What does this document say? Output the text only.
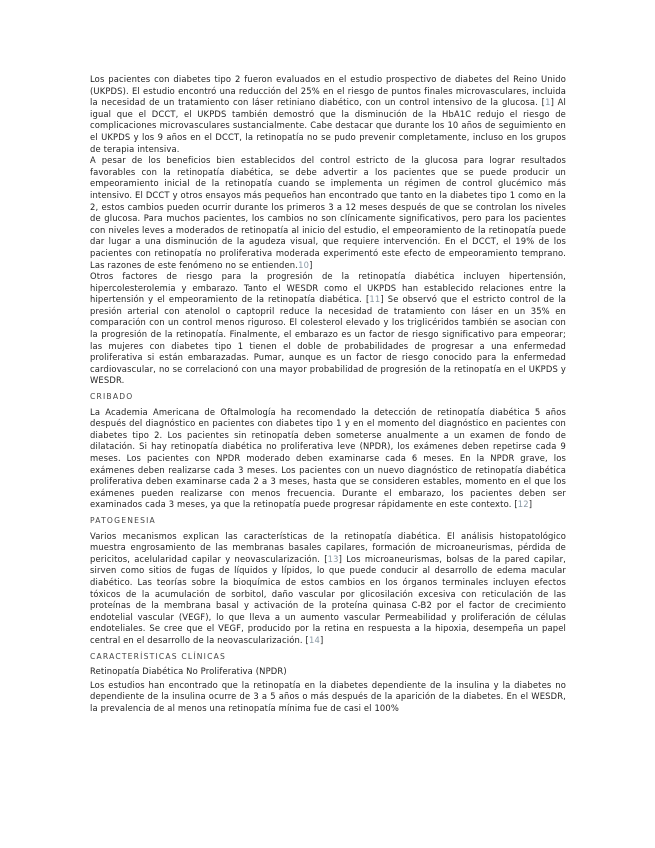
Los pacientes con diabetes tipo 2 fueron evaluados en el estudio prospectivo de diabetes del Reino Unido (UKPDS). El estudio encontró una reducción del 25% en el riesgo de puntos finales microvasculares, incluida la necesidad de un tratamiento con láser retiniano diabético, con un control intensivo de la glucosa. [1] Al igual que el DCCT, el UKPDS también demostró que la disminución de la HbA1C redujo el riesgo de complicaciones microvasculares sustancialmente. Cabe destacar que durante los 10 años de seguimiento en el UKPDS y los 9 años en el DCCT, la retinopatía no se pudo prevenir completamente, incluso en los grupos de terapia intensiva.

A pesar de los beneficios bien establecidos del control estricto de la glucosa para lograr resultados favorables con la retinopatía diabética, se debe advertir a los pacientes que se puede producir un empeoramiento inicial de la retinopatía cuando se implementa un régimen de control glucémico más intensivo. El DCCT y otros ensayos más pequeños han encontrado que tanto en la diabetes tipo 1 como en la 2, estos cambios pueden ocurrir durante los primeros 3 a 12 meses después de que se controlan los niveles de glucosa. Para muchos pacientes, los cambios no son clínicamente significativos, pero para los pacientes con niveles leves a moderados de retinopatía al inicio del estudio, el empeoramiento de la retinopatía puede dar lugar a una disminución de la agudeza visual, que requiere intervención. En el DCCT, el 19% de los pacientes con retinopatía no proliferativa moderada experimentó este efecto de empeoramiento temprano. Las razones de este fenómeno no se entienden.10]

Otros factores de riesgo para la progresión de la retinopatía diabética incluyen hipertensión, hipercolesterolemia y embarazo. Tanto el WESDR como el UKPDS han establecido relaciones entre la hipertensión y el empeoramiento de la retinopatía diabética. [11] Se observó que el estricto control de la presión arterial con atenolol o captopril reduce la necesidad de tratamiento con láser en un 35% en comparación con un control menos riguroso. El colesterol elevado y los triglicéridos también se asocian con la progresión de la retinopatía. Finalmente, el embarazo es un factor de riesgo significativo para empeorar; las mujeres con diabetes tipo 1 tienen el doble de probabilidades de progresar a una enfermedad proliferativa si están embarazadas. Pumar, aunque es un factor de riesgo conocido para la enfermedad cardiovascular, no se correlacionó con una mayor probabilidad de progresión de la retinopatía en el UKPDS y WESDR.

CRIBADO

La Academia Americana de Oftalmología ha recomendado la detección de retinopatía diabética 5 años después del diagnóstico en pacientes con diabetes tipo 1 y en el momento del diagnóstico en pacientes con diabetes tipo 2. Los pacientes sin retinopatía deben someterse anualmente a un examen de fondo de dilatación. Si hay retinopatía diabética no proliferativa leve (NPDR), los exámenes deben repetirse cada 9 meses. Los pacientes con NPDR moderado deben examinarse cada 6 meses. En la NPDR grave, los exámenes deben realizarse cada 3 meses. Los pacientes con un nuevo diagnóstico de retinopatía diabética proliferativa deben examinarse cada 2 a 3 meses, hasta que se consideren estables, momento en el que los exámenes pueden realizarse con menos frecuencia. Durante el embarazo, los pacientes deben ser examinados cada 3 meses, ya que la retinopatía puede progresar rápidamente en este contexto. [12]

PATOGENESIA

Varios mecanismos explican las características de la retinopatía diabética. El análisis histopatológico muestra engrosamiento de las membranas basales capilares, formación de microaneurismas, pérdida de pericitos, acelularidad capilar y neovascularización. [13] Los microaneurismas, bolsas de la pared capilar, sirven como sitios de fugas de líquidos y lípidos, lo que puede conducir al desarrollo de edema macular diabético. Las teorías sobre la bioquímica de estos cambios en los órganos terminales incluyen efectos tóxicos de la acumulación de sorbitol, daño vascular por glicosilación excesiva con reticulación de las proteínas de la membrana basal y activación de la proteína quinasa C-B2 por el factor de crecimiento endotelial vascular (VEGF), lo que lleva a un aumento vascular Permeabilidad y proliferación de células endoteliales. Se cree que el VEGF, producido por la retina en respuesta a la hipoxia, desempeña un papel central en el desarrollo de la neovascularización. [14]

CARACTERÍSTICAS CLÍNICAS
Retinopatía Diabética No Proliferativa (NPDR)

Los estudios han encontrado que la retinopatía en la diabetes dependiente de la insulina y la diabetes no dependiente de la insulina ocurre de 3 a 5 años o más después de la aparición de la diabetes. En el WESDR, la prevalencia de al menos una retinopatía mínima fue de casi el 100%
